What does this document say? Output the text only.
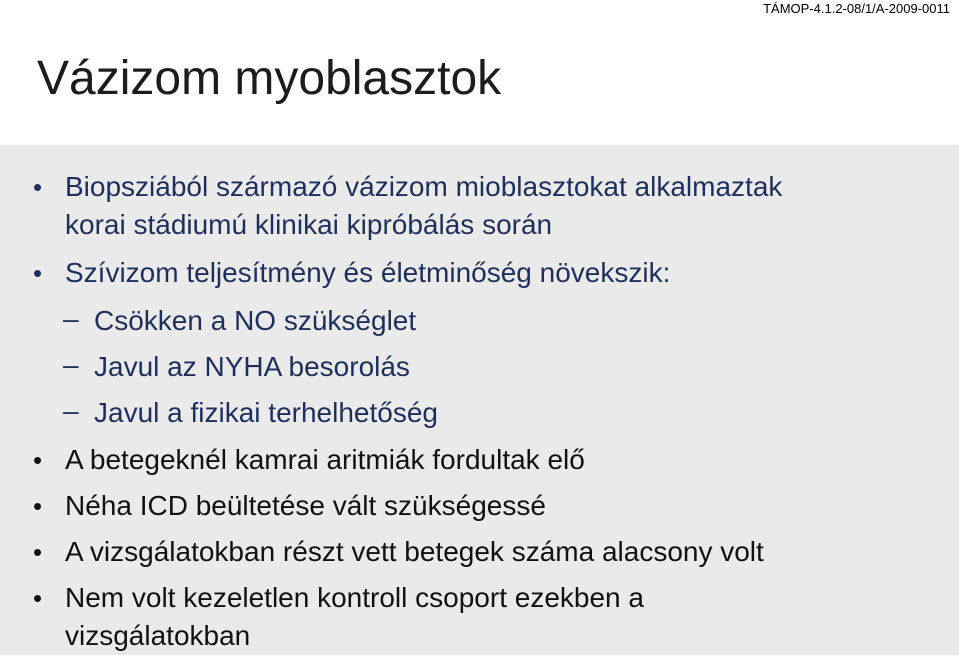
TÁMOP-4.1.2-08/1/A-2009-0011
Vázizom myoblasztok
• Biopsziából származó vázizom mioblasztokat alkalmaztak
korai stádiumú klinikai kipróbálás során
• Szívizom teljesítmény és életminőség növekszik:
– Csökken a NO szükséglet
– Javul az NYHA besorolás
– Javul a fizikai terhelhetőség
• A betegeknél kamrai aritmiák fordultak elő
• Néha ICD beültetése vált szükségessé
• A vizsgálatokban részt vett betegek száma alacsony volt
• Nem volt kezeletlen kontroll csoport ezekben a
vizsgálatokban
